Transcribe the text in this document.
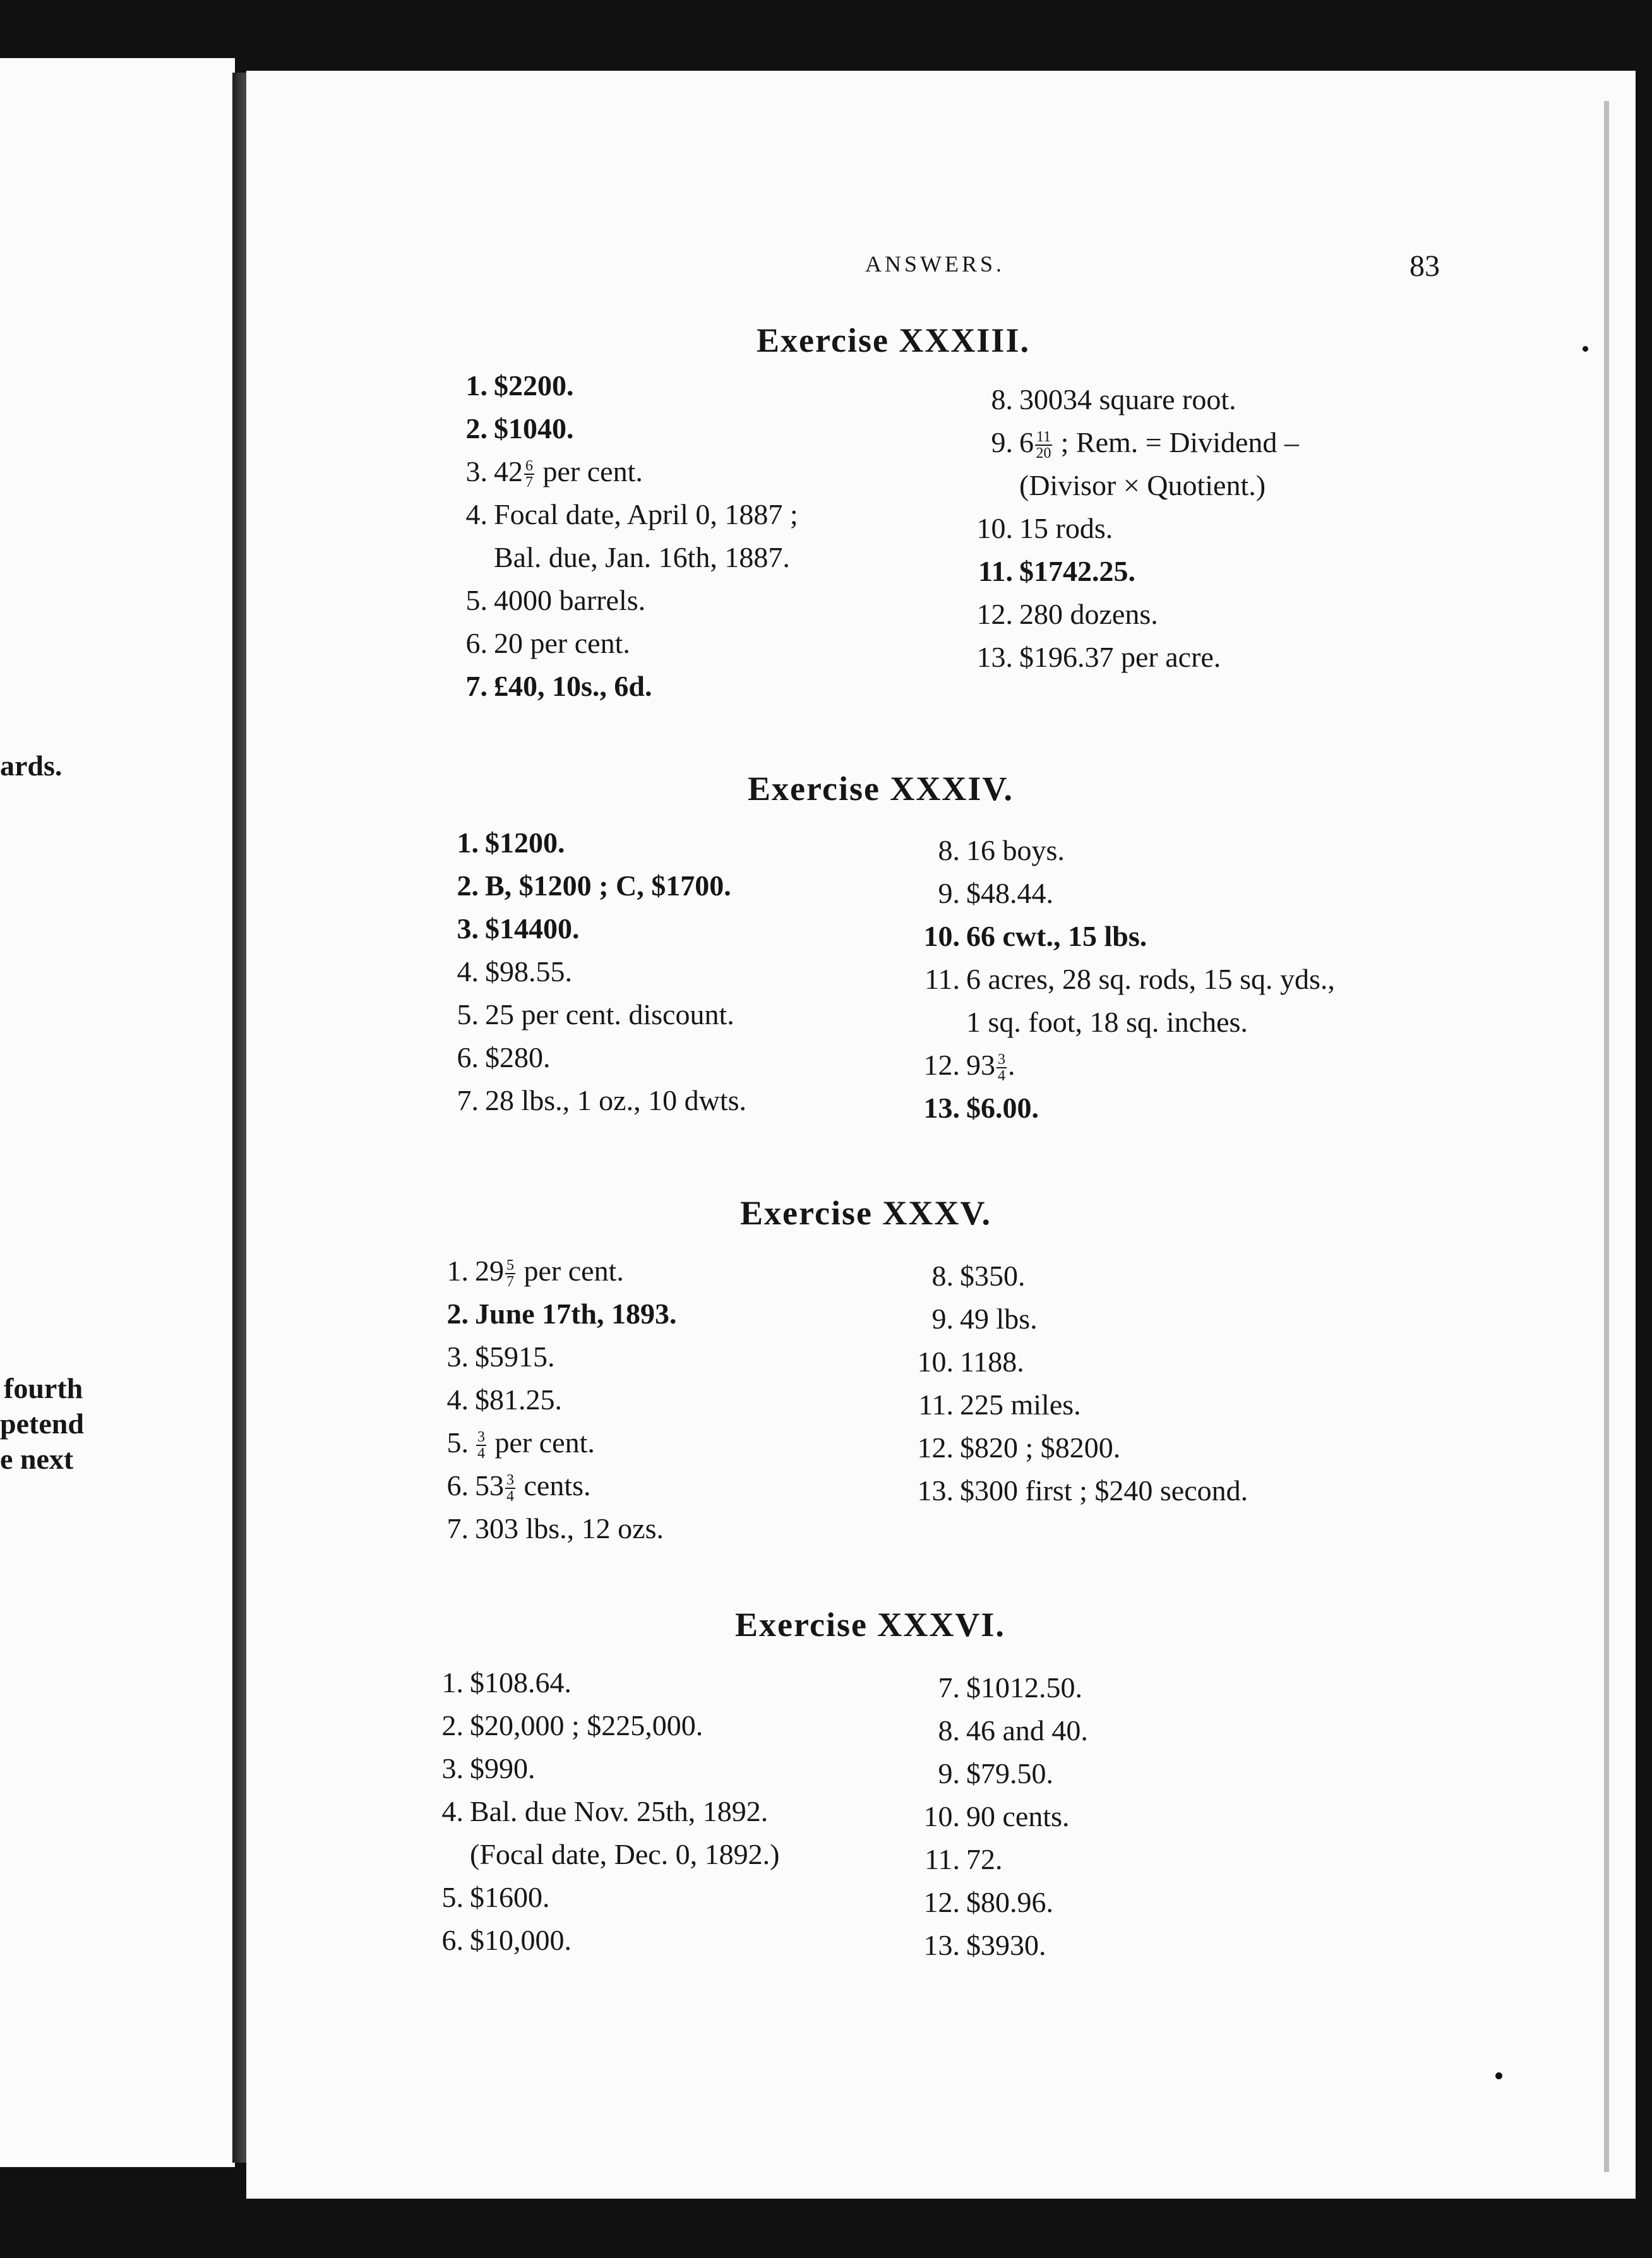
ards.
fourth
petend
e next
ANSWERS.	83
Exercise XXXIII.
1. $2200.
2. $1040.
3. $42 \frac{6}{7}$ per cent.
4. Focal date, April 0, 1887 ;
Bal. due, Jan. 16th, 1887.
5. 4000 barrels.
6. 20 per cent.
7. £40, 10s., 6d.
8. 30034 square root.
9. $6 \frac{11}{20}$ ; Rem. = Dividend –
(Divisor × Quotient.)
10. 15 rods.
11. $1742.25.
12. 280 dozens.
13. $196.37 per acre.
Exercise XXXIV.
1. $1200.
2. B, $1200 ; C, $1700.
3. $14400.
4. $98.55.
5. 25 per cent. discount.
6. $280.
7. 28 lbs., 1 oz., 10 dwts.
8. 16 boys.
9. $48.44.
10. 66 cwt., 15 lbs.
11. 6 acres, 28 sq. rods, 15 sq. yds.,
1 sq. foot, 18 sq. inches.
12. $93 \frac{3}{4}$ .
13. $6.00.
Exercise XXXV.
1. $29 \frac{5}{7}$ per cent.
2. June 17th, 1893.
3. $5915.
4. $81.25.
5. $\frac{3}{4}$ per cent.
6. $53 \frac{3}{4}$ cents.
7. 303 lbs., 12 ozs.
8. $350.
9. 49 lbs.
10. 1188.
11. 225 miles.
12. $820 ; $8200.
13. $300 first ; $240 second.
Exercise XXXVI.
1. $108.64.
2. $20,000 ; $225,000.
3. $990.
4. Bal. due Nov. 25th, 1892.
(Focal date, Dec. 0, 1892.)
5. $1600.
6. $10,000.
7. $1012.50.
8. 46 and 40.
9. $79.50.
10. 90 cents.
11. 72.
12. $80.96.
13. $3930.
